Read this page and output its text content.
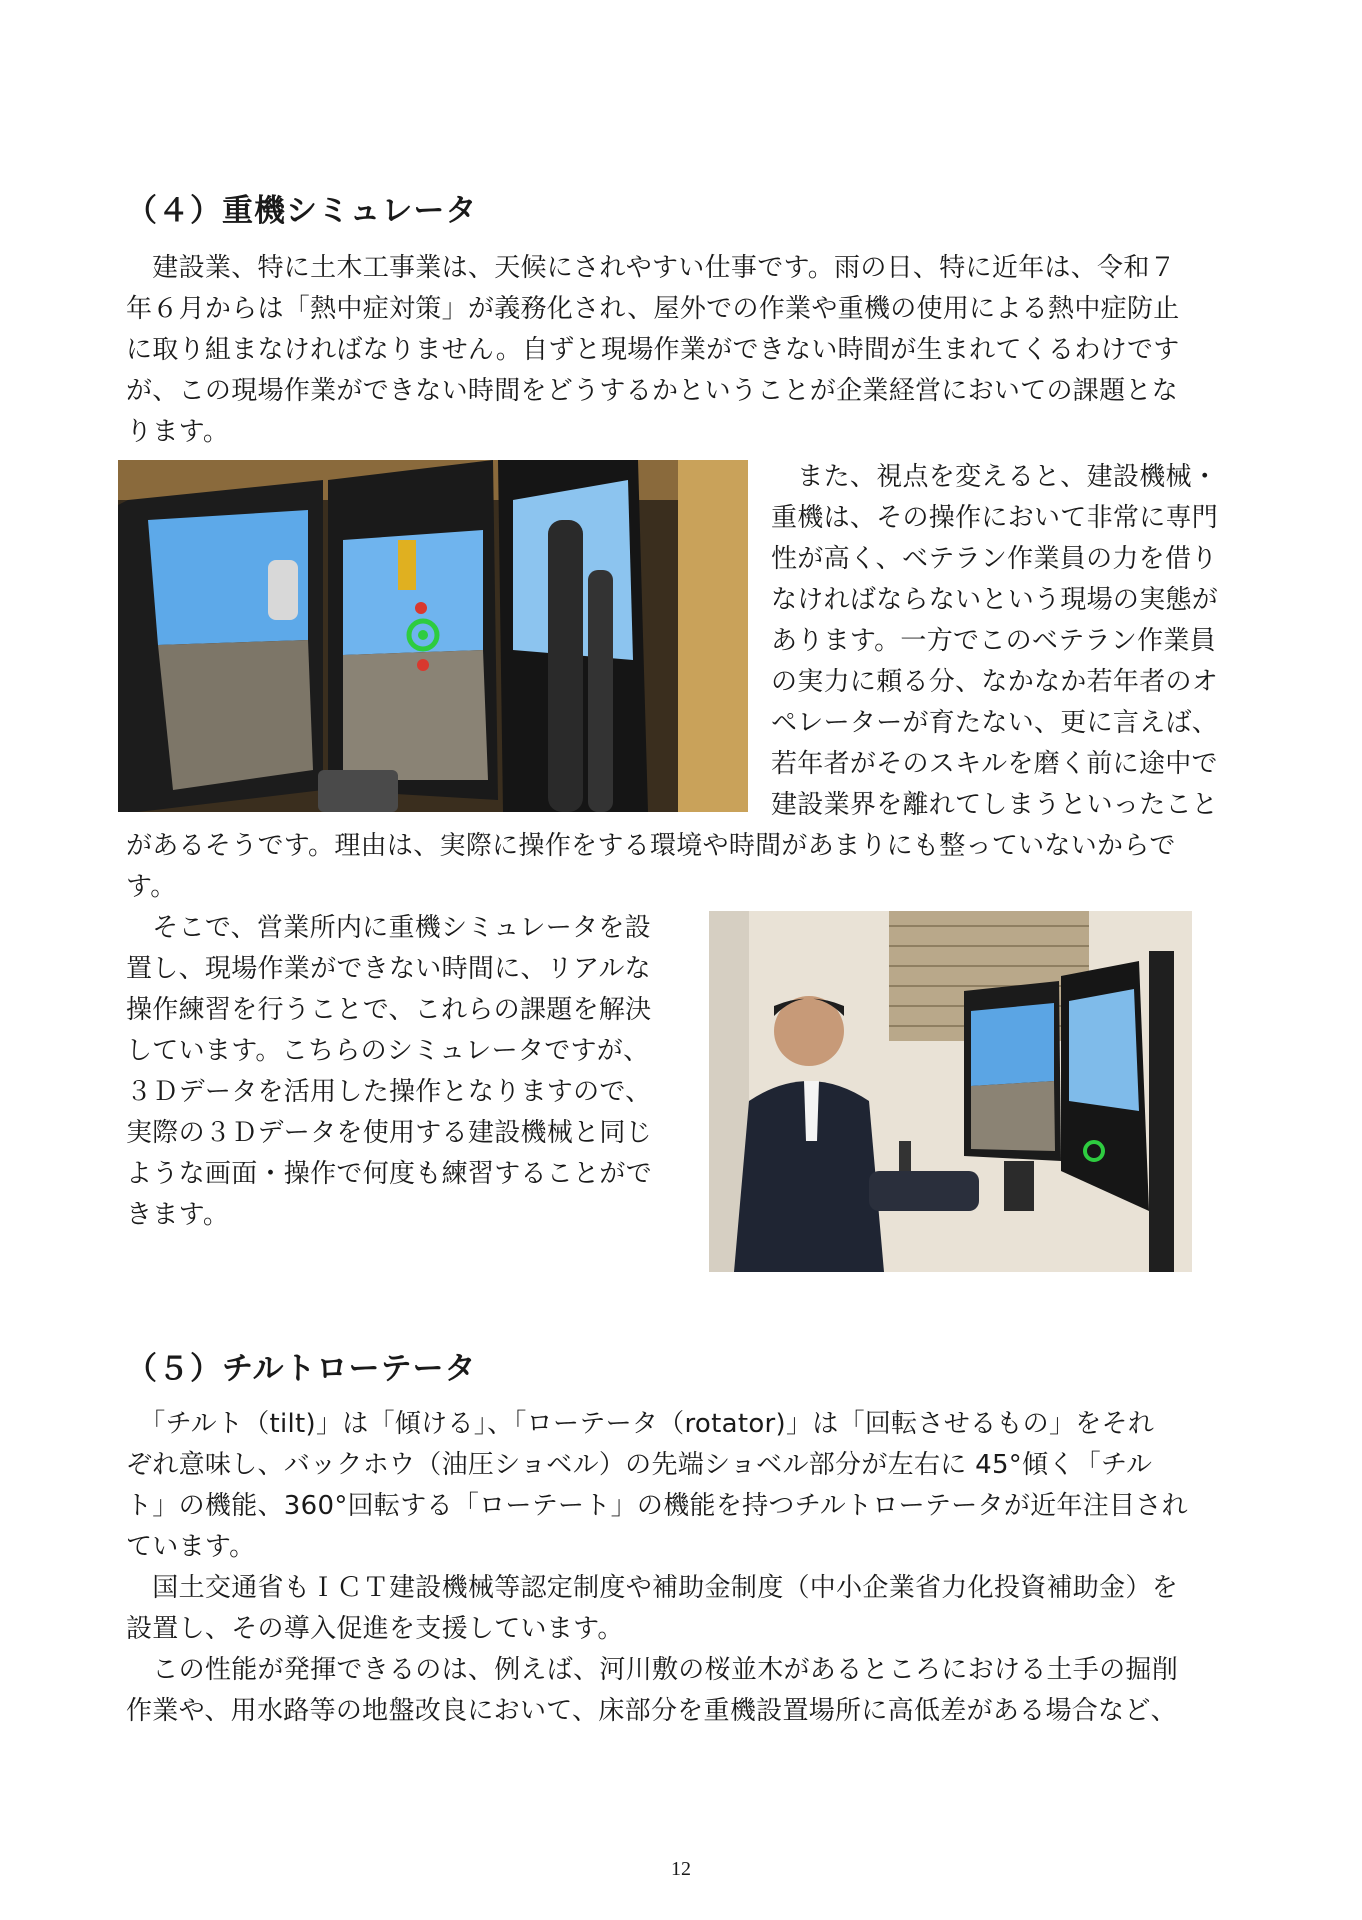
（４）重機シミュレータ

　建設業、特に土木工事業は、天候にされやすい仕事です。雨の日、特に近年は、令和７

年６月からは「熱中症対策」が義務化され、屋外での作業や重機の使用による熱中症防止

に取り組まなければなりません。自ずと現場作業ができない時間が生まれてくるわけです

が、この現場作業ができない時間をどうするかということが企業経営においての課題とな

ります。

　また、視点を変えると、建設機械・

重機は、その操作において非常に専門

性が高く、ベテラン作業員の力を借り

なければならないという現場の実態が

あります。一方でこのベテラン作業員

の実力に頼る分、なかなか若年者のオ

ペレーターが育たない、更に言えば、

若年者がそのスキルを磨く前に途中で

建設業界を離れてしまうといったこと

があるそうです。理由は、実際に操作をする環境や時間があまりにも整っていないからで

す。

　そこで、営業所内に重機シミュレータを設

置し、現場作業ができない時間に、リアルな

操作練習を行うことで、これらの課題を解決

しています。こちらのシミュレータですが、

３Ｄデータを活用した操作となりますので、

実際の３Ｄデータを使用する建設機械と同じ

ような画面・操作で何度も練習することがで

きます。

（５）チルトローテータ

　「チルト（tilt)」は「傾ける」、「ローテータ（rotator)」は「回転させるもの」をそれ

ぞれ意味し、バックホウ（油圧ショベル）の先端ショベル部分が左右に 45°傾く「チル

ト」の機能、360°回転する「ローテート」の機能を持つチルトローテータが近年注目され

ています。

　国土交通省もＩＣＴ建設機械等認定制度や補助金制度（中小企業省力化投資補助金）を

設置し、その導入促進を支援しています。

　この性能が発揮できるのは、例えば、河川敷の桜並木があるところにおける土手の掘削

作業や、用水路等の地盤改良において、床部分を重機設置場所に高低差がある場合など、

12
